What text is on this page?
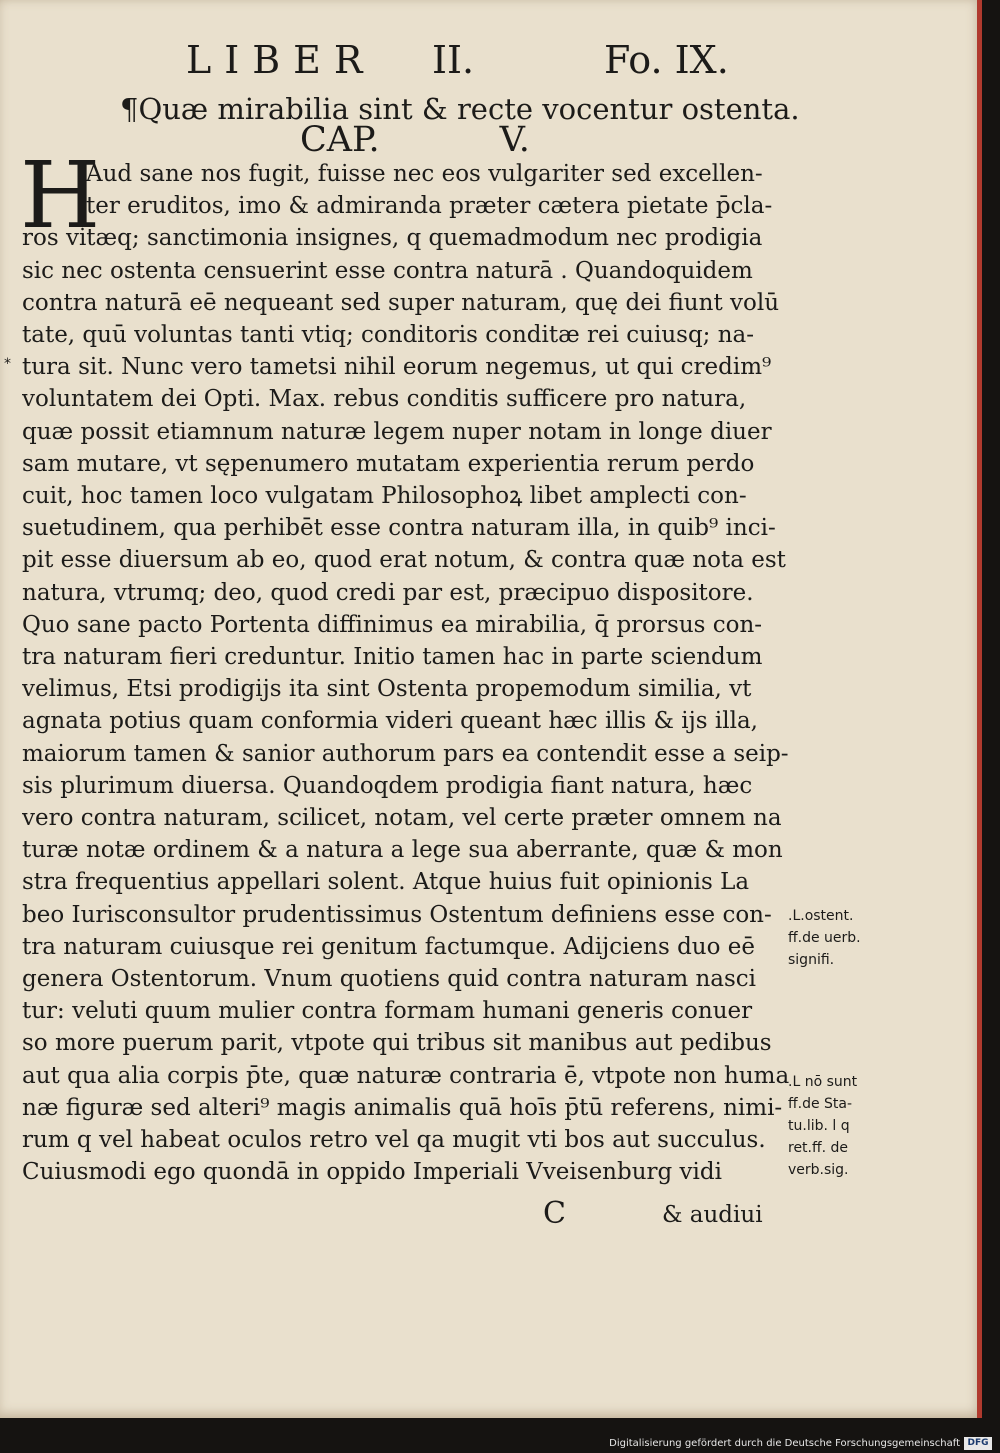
LIBER II.	Fo. IX.
¶Quæ mirabilia sint & recte vocentur ostenta.
CAP.	V.
H
Aud sane nos fugit, fuisse nec eos vulgariter sed excellen-
ter eruditos, imo & admiranda præter cætera pietate p̄cla-
ros vitæq; sanctimonia insignes, q quemadmodum nec prodigia
sic nec ostenta censuerint esse contra naturā . Quandoquidem
contra naturā eē nequeant sed super naturam, quę dei fiunt volū
tate, quū voluntas tanti vtiq; conditoris conditæ rei cuiusq; na-
tura sit. Nunc vero tametsi nihil eorum negemus, ut qui credim⁹
voluntatem dei Opti. Max. rebus conditis sufficere pro natura,
quæ possit etiamnum naturæ legem nuper notam in longe diuer
sam mutare, vt sępenumero mutatam experientia rerum perdo
cuit, hoc tamen loco vulgatam Philosophoꝝ libet amplecti con-
suetudinem, qua perhibēt esse contra naturam illa, in quib⁹ inci-
pit esse diuersum ab eo, quod erat notum, & contra quæ nota est
natura, vtrumq; deo, quod credi par est, præcipuo dispositore.
Quo sane pacto Portenta diffinimus ea mirabilia, q̄ prorsus con-
tra naturam fieri creduntur. Initio tamen hac in parte sciendum
velimus, Etsi prodigijs ita sint Ostenta propemodum similia, vt
agnata potius quam conformia videri queant hæc illis & ijs illa,
maiorum tamen & sanior authorum pars ea contendit esse a seip-
sis plurimum diuersa. Quandoqdem prodigia fiant natura, hæc
vero contra naturam, scilicet, notam, vel certe præter omnem na
turæ notæ ordinem & a natura a lege sua aberrante, quæ & mon
stra frequentius appellari solent. Atque huius fuit opinionis La
beo Iurisconsultor prudentissimus Ostentum definiens esse con-
tra naturam cuiusque rei genitum factumque. Adijciens duo eē
genera Ostentorum. Vnum quotiens quid contra naturam nasci
tur: veluti quum mulier contra formam humani generis conuer
so more puerum parit, vtpote qui tribus sit manibus aut pedibus
aut qua alia corpis p̄te, quæ naturæ contraria ē, vtpote non huma
næ figuræ sed alteri⁹ magis animalis quā hoīs p̄tū referens, nimi-
rum q vel habeat oculos retro vel qa mugit vti bos aut succulus.
Cuiusmodi ego quondā in oppido Imperiali Vveisenburg vidi
*
.L.ostent.
ff.de uerb.
signifi.
.L nō sunt
ff.de Sta-
tu.lib. l q
ret.ff. de
verb.sig.
C	& audiui
Digitalisierung gefördert durch die Deutsche Forschungsgemeinschaft DFG
